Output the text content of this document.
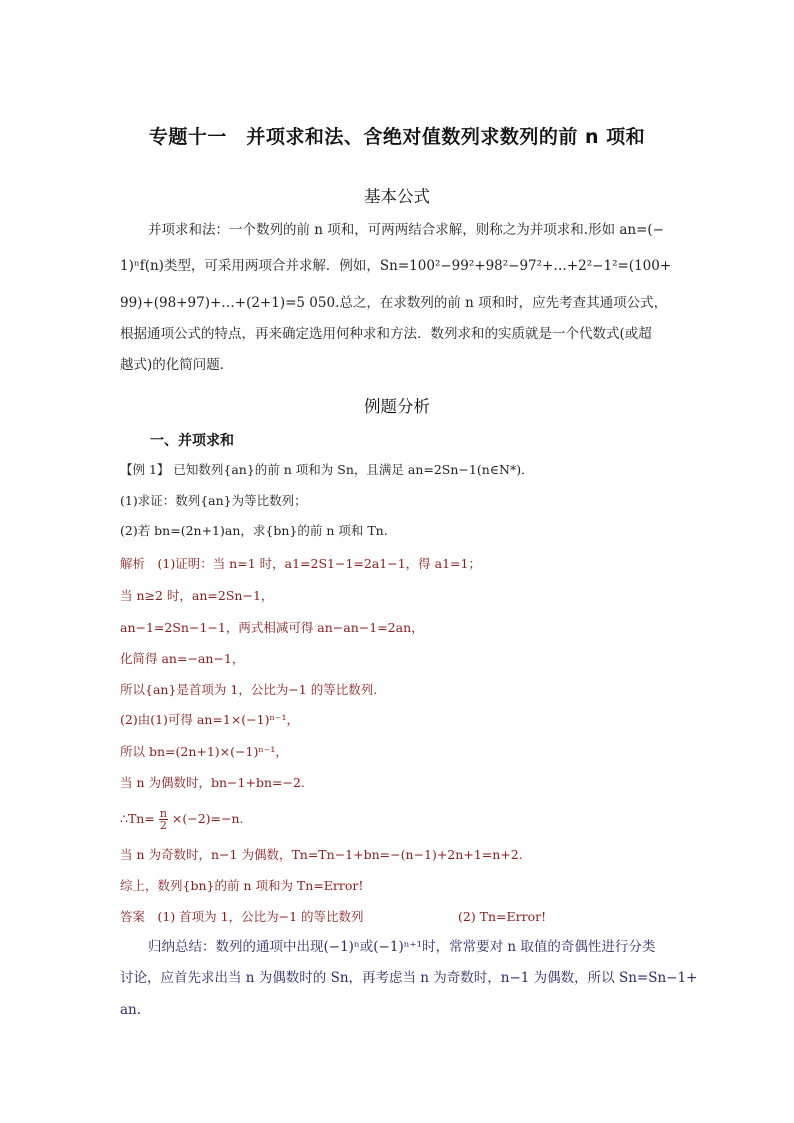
专题十一　并项求和法、含绝对值数列求数列的前 n 项和
基本公式
并项求和法：一个数列的前 n 项和，可两两结合求解，则称之为并项求和.形如 an=(−
1)ⁿf(n)类型，可采用两项合并求解．例如，Sn=100²−99²+98²−97²+…+2²−1²=(100+
99)+(98+97)+…+(2+1)=5 050.总之，在求数列的前 n 项和时，应先考查其通项公式，
根据通项公式的特点，再来确定选用何种求和方法．数列求和的实质就是一个代数式(或超
越式)的化简问题．
例题分析
一、并项求和
【例 1】 已知数列{an}的前 n 项和为 Sn，且满足 an=2Sn−1(n∈N*)．
(1)求证：数列{an}为等比数列；
(2)若 bn=(2n+1)an，求{bn}的前 n 项和 Tn.
解析　(1)证明：当 n=1 时，a1=2S1−1=2a1−1，得 a1=1；
当 n≥2 时，an=2Sn−1，
an−1=2Sn−1−1，两式相减可得 an−an−1=2an，
化简得 an=−an−1，
所以{an}是首项为 1，公比为−1 的等比数列.
(2)由(1)可得 an=1×(−1)ⁿ⁻¹，
所以 bn=(2n+1)×(−1)ⁿ⁻¹，
当 n 为偶数时，bn−1+bn=−2.
∴Tn= $\frac{n}{2} \times(-2)=-n$.
当 n 为奇数时，n−1 为偶数，Tn=Tn−1+bn=−(n−1)+2n+1=n+2.
综上，数列{bn}的前 n 项和为 Tn=Error!
答案　(1) 首项为 1，公比为−1 的等比数列	(2) Tn=Error!
归纳总结：数列的通项中出现(−1)ⁿ或(−1)ⁿ⁺¹时，常常要对 n 取值的奇偶性进行分类
讨论，应首先求出当 n 为偶数时的 Sn，再考虑当 n 为奇数时，n−1 为偶数，所以 Sn=Sn−1+
an.
